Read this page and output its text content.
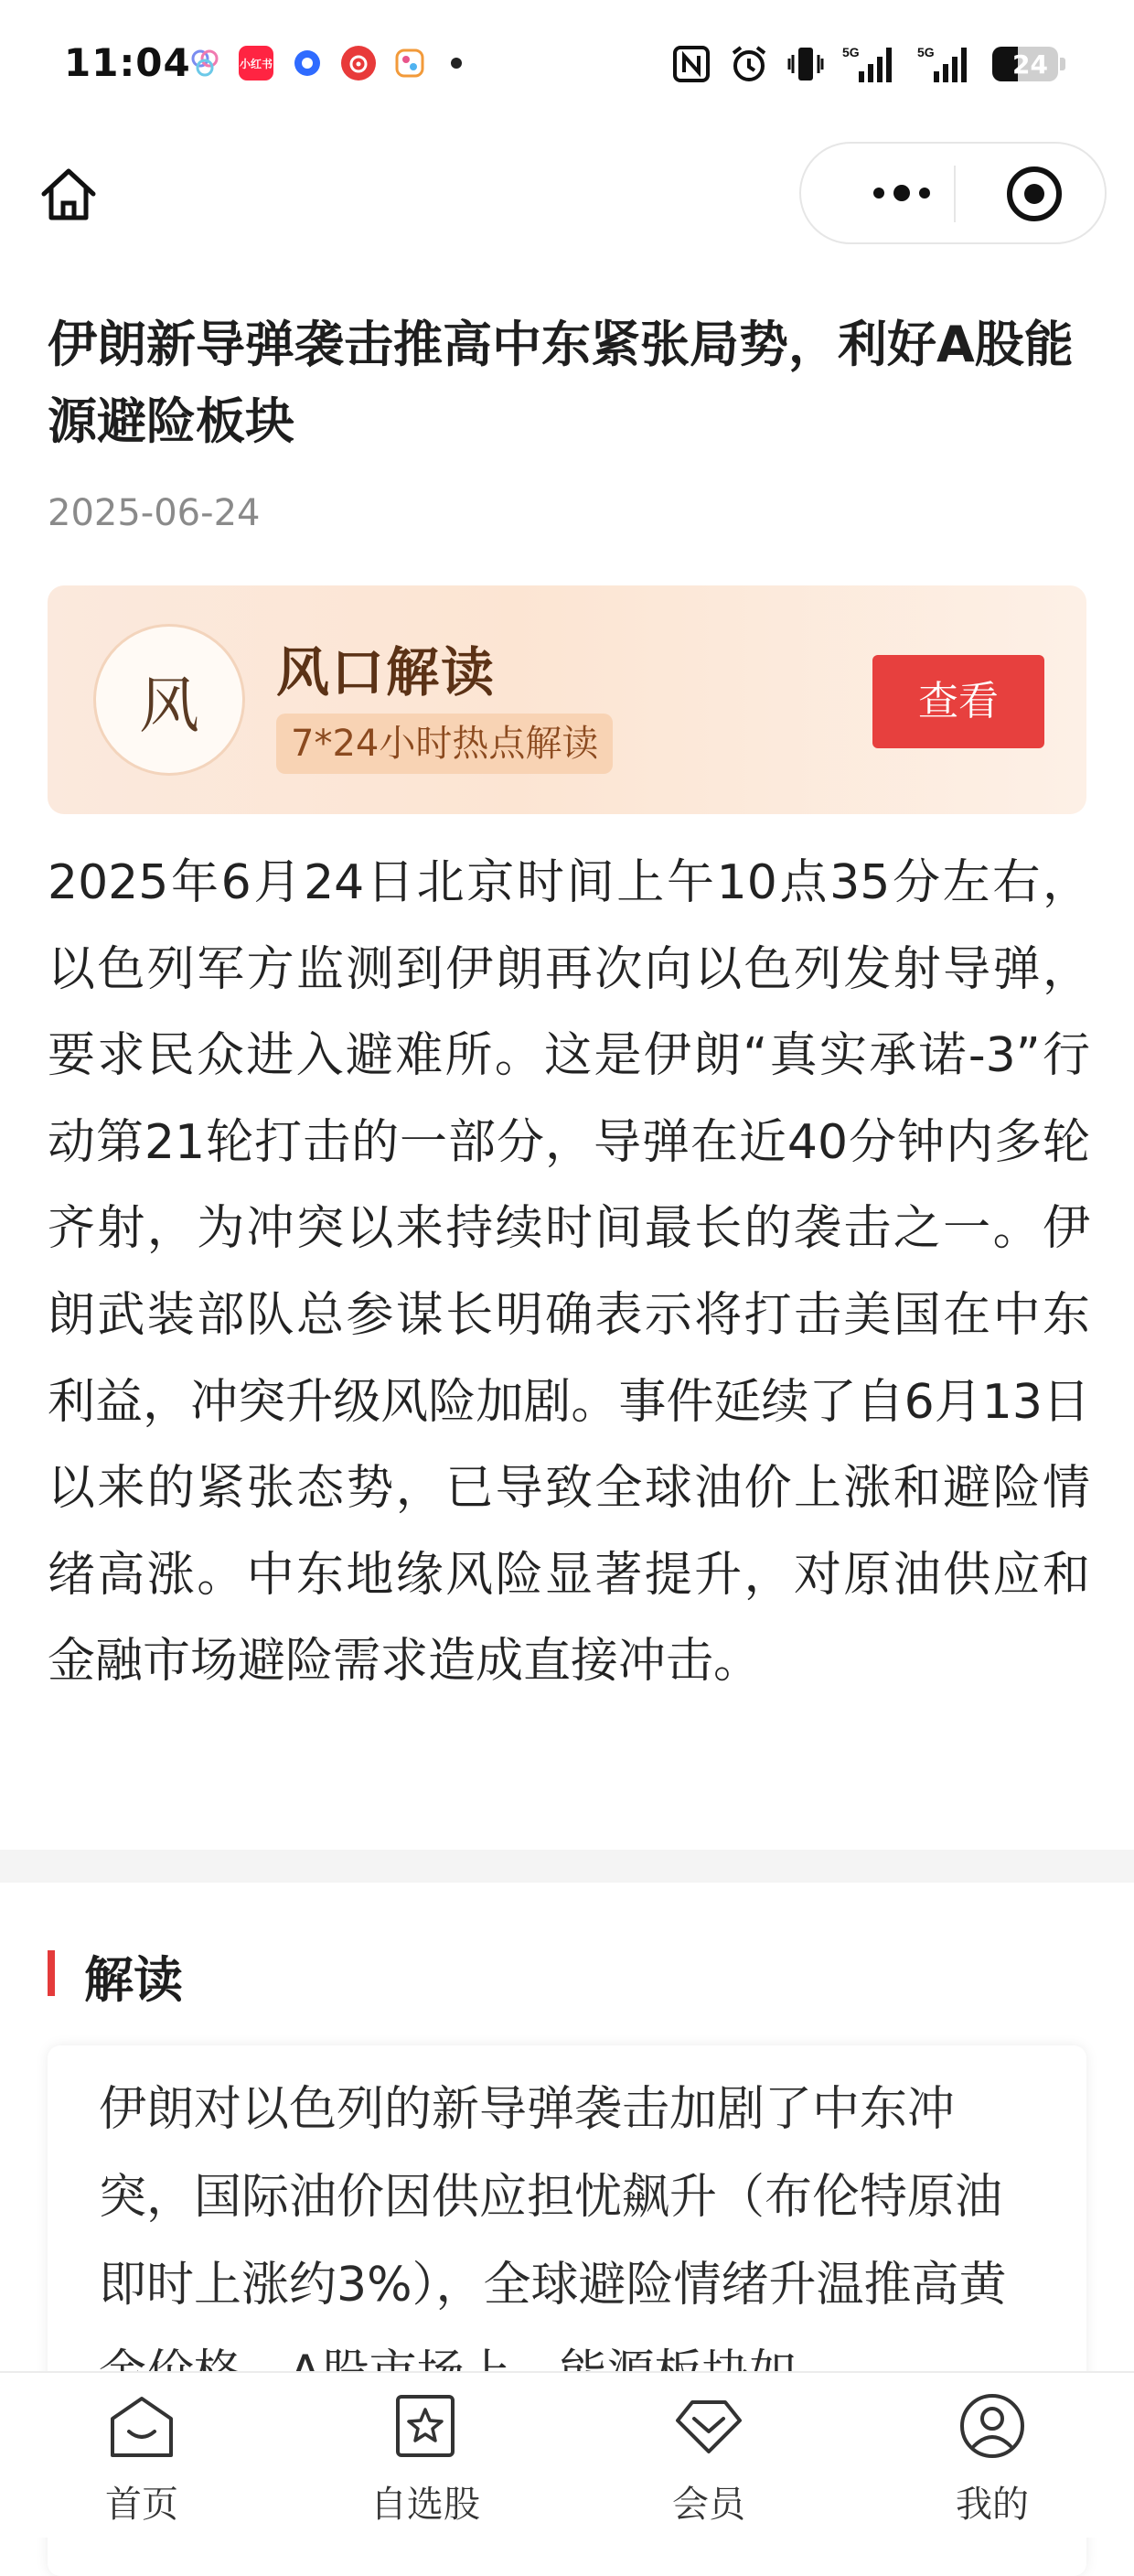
11:04	小红书
5G	5G	24
伊朗新导弹袭击推高中东紧张局势，利好A股能源避险板块
2025-06-24
风	风口解读
7*24小时热点解读
查看

2025年6月24日北京时间上午10点35分左右，以色列军方监测到伊朗再次向以色列发射导弹，要求民众进入避难所。这是伊朗“真实承诺-3”行动第21轮打击的一部分，导弹在近40分钟内多轮齐射，为冲突以来持续时间最长的袭击之一。伊朗武装部队总参谋长明确表示将打击美国在中东利益，冲突升级风险加剧。事件延续了自6月13日以来的紧张态势，已导致全球油价上涨和避险情绪高涨。中东地缘风险显著提升，对原油供应和金融市场避险需求造成直接冲击。

解读

伊朗对以色列的新导弹袭击加剧了中东冲突，国际油价因供应担忧飙升（布伦特原油即时上涨约3%），全球避险情绪升温推高黄

首页	自选股	会员	我的
